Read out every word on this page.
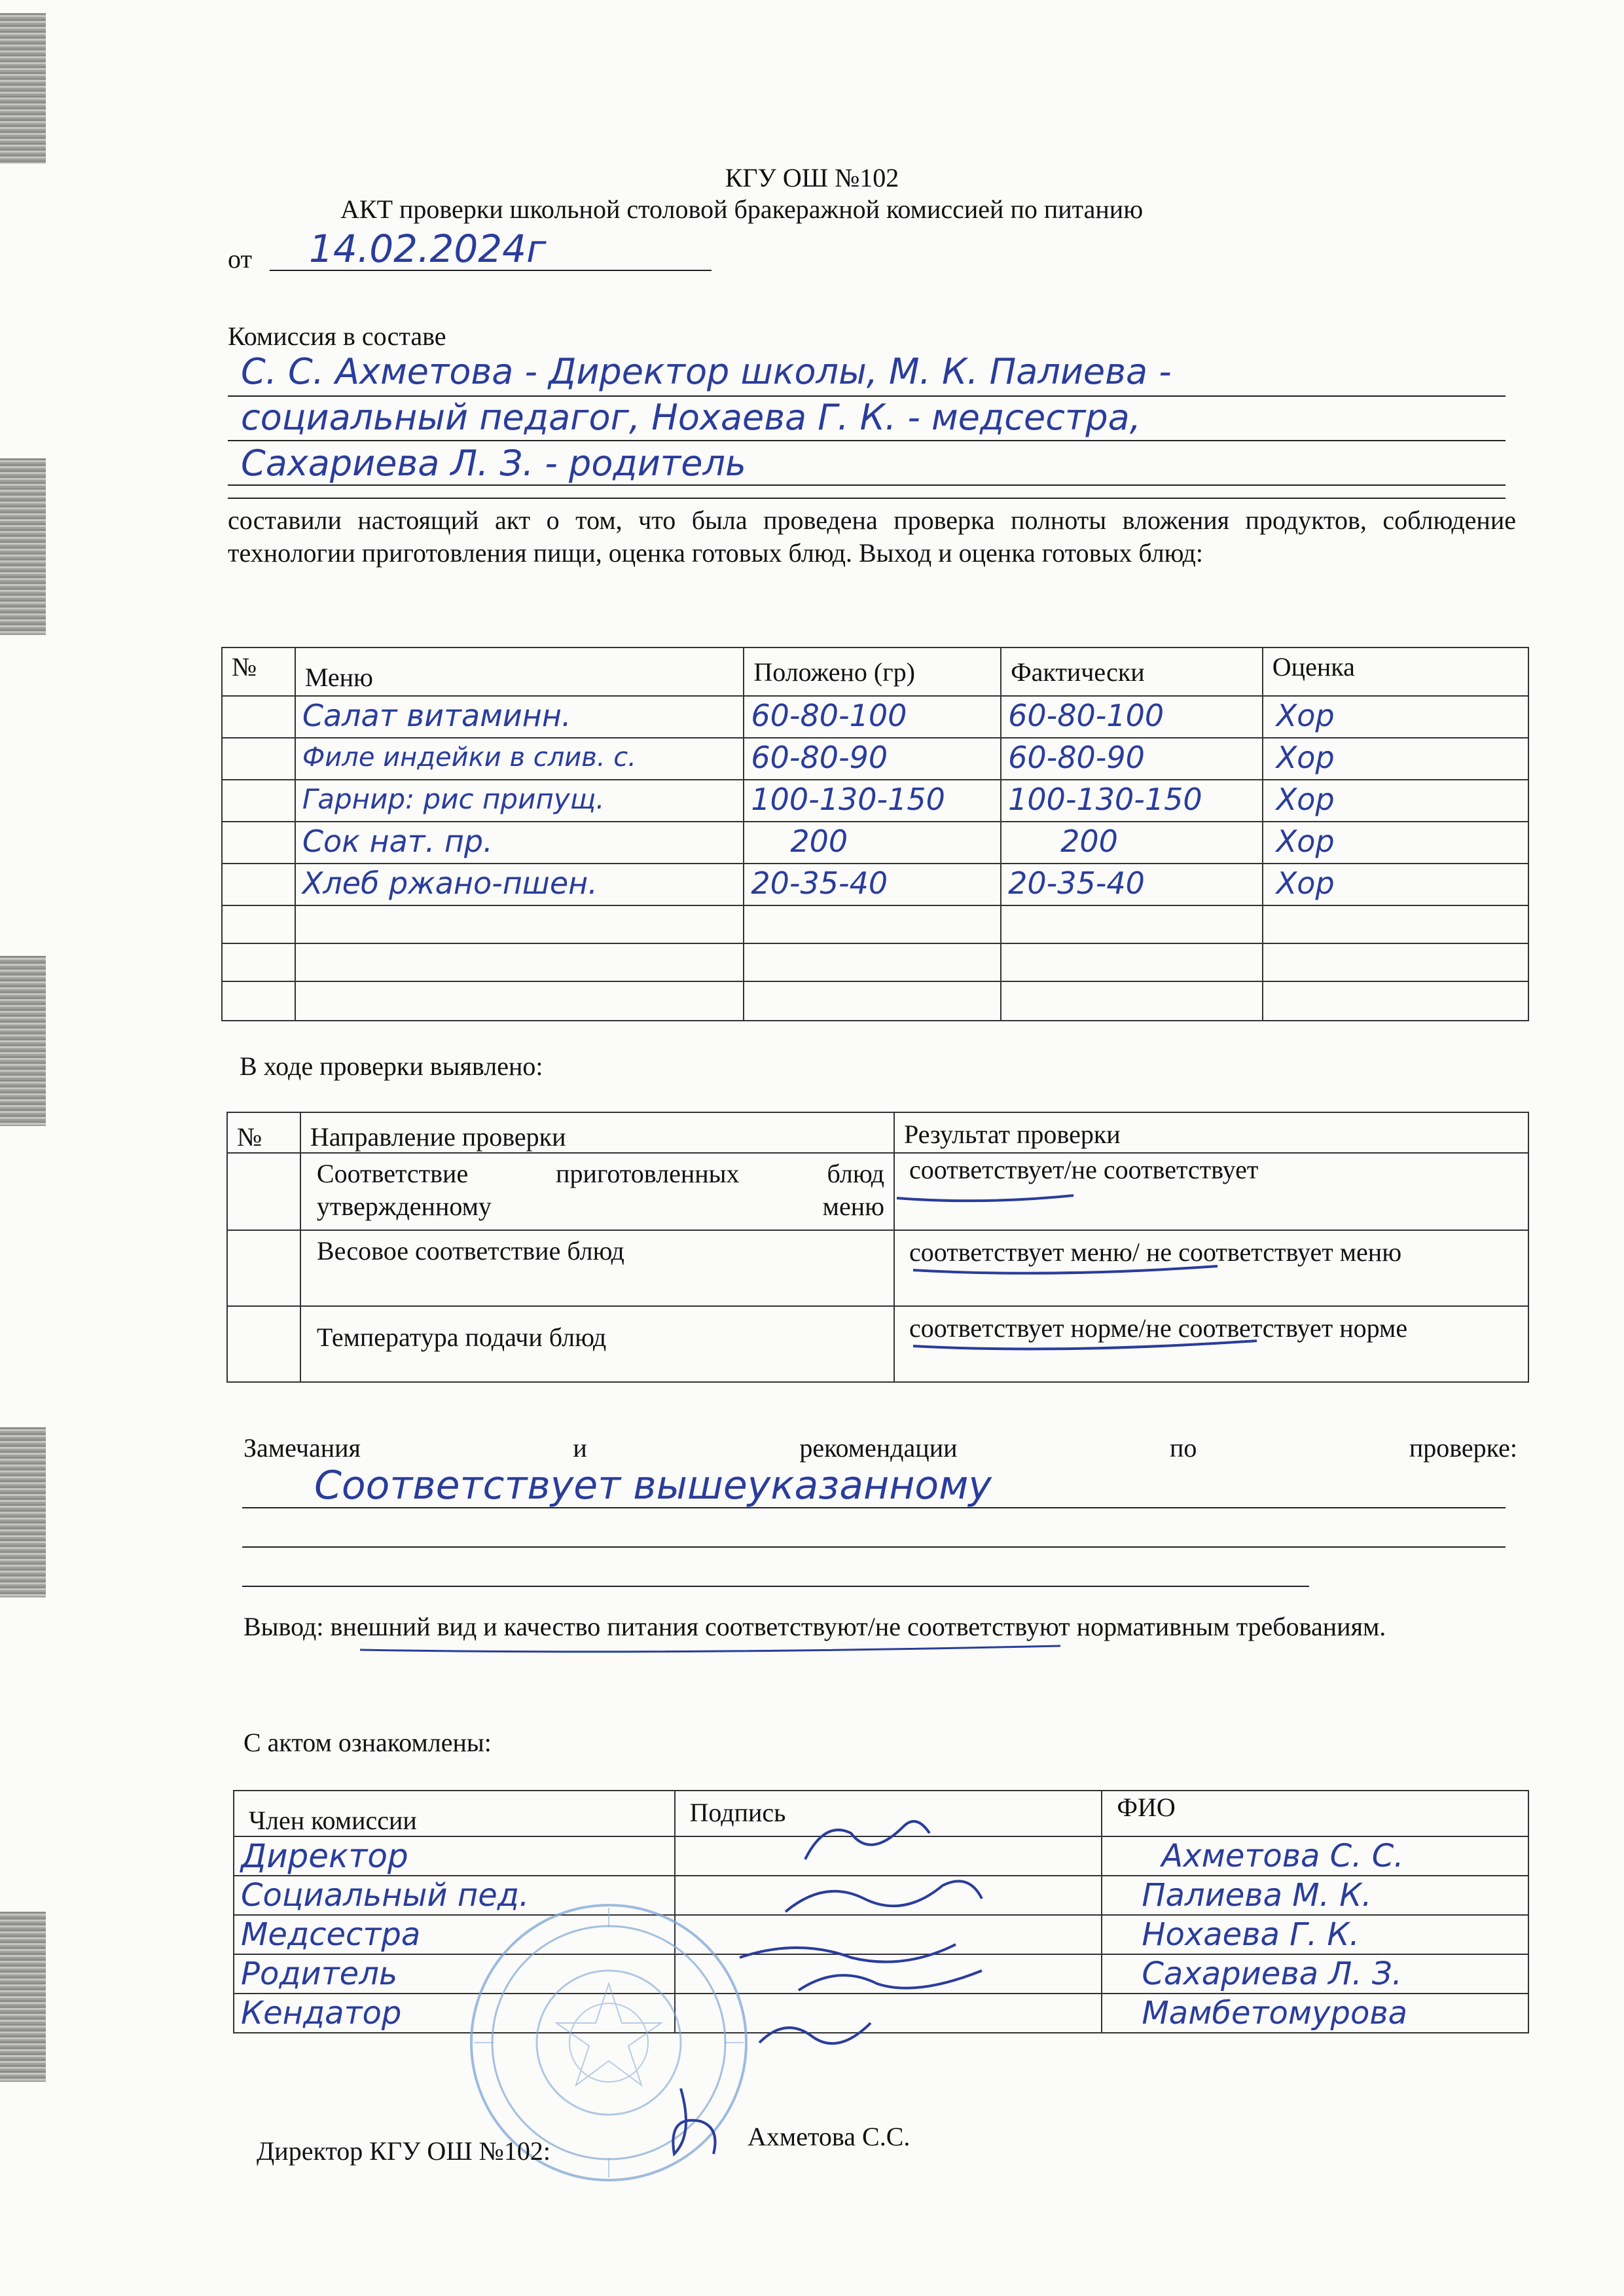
КГУ ОШ №102
АКТ проверки школьной столовой бракеражной комиссией по питанию
от 14.02.2024г
Комиссия в составе
С. С. Ахметова - Директор школы, М. К. Палиева -
социальный педагог, Нохаева Г. К. - медсестра,
Сахариева Л. З. - родитель
составили настоящий акт о том, что была проведена проверка полноты вложения продуктов, соблюдение технологии приготовления пищи, оценка готовых блюд. Выход и оценка готовых блюд:
№	Меню	Положено (гр)	Фактически	Оценка

	Салат витаминн.	60-80-100	60-80-100	Хор

	Филе индейки в слив. с.	60-80-90	60-80-90	Хор

	Гарнир: рис припущ.	100-130-150	100-130-150	Хор

	Сок нат. пр.	200	200	Хор

	Хлеб ржано-пшен.	20-35-40	20-35-40	Хор

В ходе проверки выявлено:
№	Направление проверки	Результат проверки

	Соответствие приготовленных блюд утвержденному меню	соответствует/не соответствует

	Весовое соответствие блюд	соответствует меню/ не соответствует меню

	Температура подачи блюд	соответствует норме/не соответствует норме
Замечания и рекомендации по проверке:
Соответствует вышеуказанному
Вывод: внешний вид и качество питания соответствуют/не соответствуют нормативным требованиям.
С актом ознакомлены:
Член комиссии	Подпись	ФИО

Директор		Ахметова С. С.

Социальный пед.		Палиева М. К.

Медсестра		Нохаева Г. К.

Родитель		Сахариева Л. З.

Кендатор		Мамбетомурова
Директор КГУ ОШ №102:	Ахметова С.С.
